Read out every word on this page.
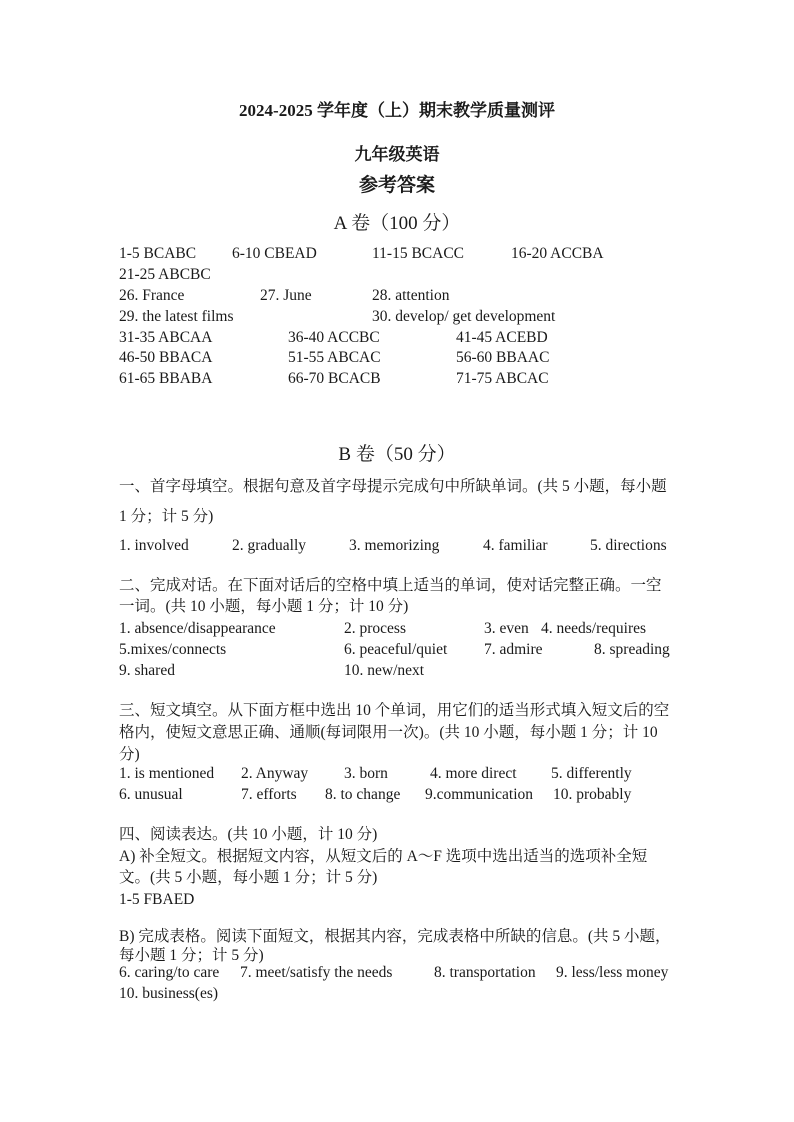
2024-2025 学年度（上）期末教学质量测评
九年级英语
参考答案
A 卷（100 分）
1-5 BCABC 6-10 CBEAD	11-15 BCACC	16-20 ACCBA
21-25 ABCBC
26. France	27. June	28. attention
29. the latest films	30. develop/ get development
31-35 ABCAA	36-40 ACCBC	41-45 ACEBD
46-50 BBACA	51-55 ABCAC	56-60 BBAAC
61-65 BBABA	66-70 BCACB	71-75 ABCAC
B 卷（50 分）
一、首字母填空。根据句意及首字母提示完成句中所缺单词。(共 5 小题，每小题 1 分；计 5 分)
1. involved	2. gradually	3. memorizing	4. familiar	5. directions
二、完成对话。在下面对话后的空格中填上适当的单词，使对话完整正确。一空一词。(共 10 小题，每小题 1 分；计 10 分)
1. absence/disappearance	2. process	3. even 4. needs/requires
5.mixes/connects	6. peaceful/quiet 7. admire	8. spreading
9. shared	10. new/next
三、短文填空。从下面方框中选出 10 个单词，用它们的适当形式填入短文后的空格内，使短文意思正确、通顺(每词限用一次)。(共 10 小题，每小题 1 分；计 10 分)
1. is mentioned 2. Anyway 3. born	4. more direct 5. differently
6. unusual	7. efforts 8. to change 9.communication 10. probably
四、阅读表达。(共 10 小题，计 10 分)
A) 补全短文。根据短文内容，从短文后的 A～F 选项中选出适当的选项补全短文。(共 5 小题，每小题 1 分；计 5 分)
1-5 FBAED
B) 完成表格。阅读下面短文，根据其内容，完成表格中所缺的信息。(共 5 小题，每小题 1 分；计 5 分)
6. caring/to care 7. meet/satisfy the needs	8. transportation 9. less/less money
10. business(es)
